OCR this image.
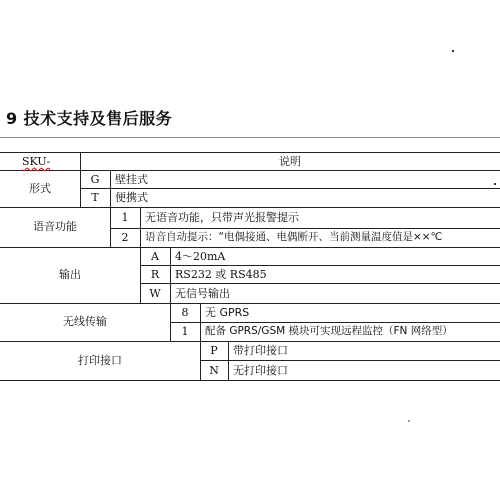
9 技术支持及售后服务
SKU-	说明
形式
G	壁挂式
T	便携式
语音功能
1	无语音功能，只带声光报警提示
2	语音自动提示：“电偶接通、电偶断开、当前测量温度值是××℃
输出
A	4～20mA
R	RS232 或 RS485
W	无信号输出
无线传输
8	无 GPRS
1	配备 GPRS/GSM 模块可实现远程监控（FN 网络型）
打印接口
P	带打印接口
N	无打印接口
